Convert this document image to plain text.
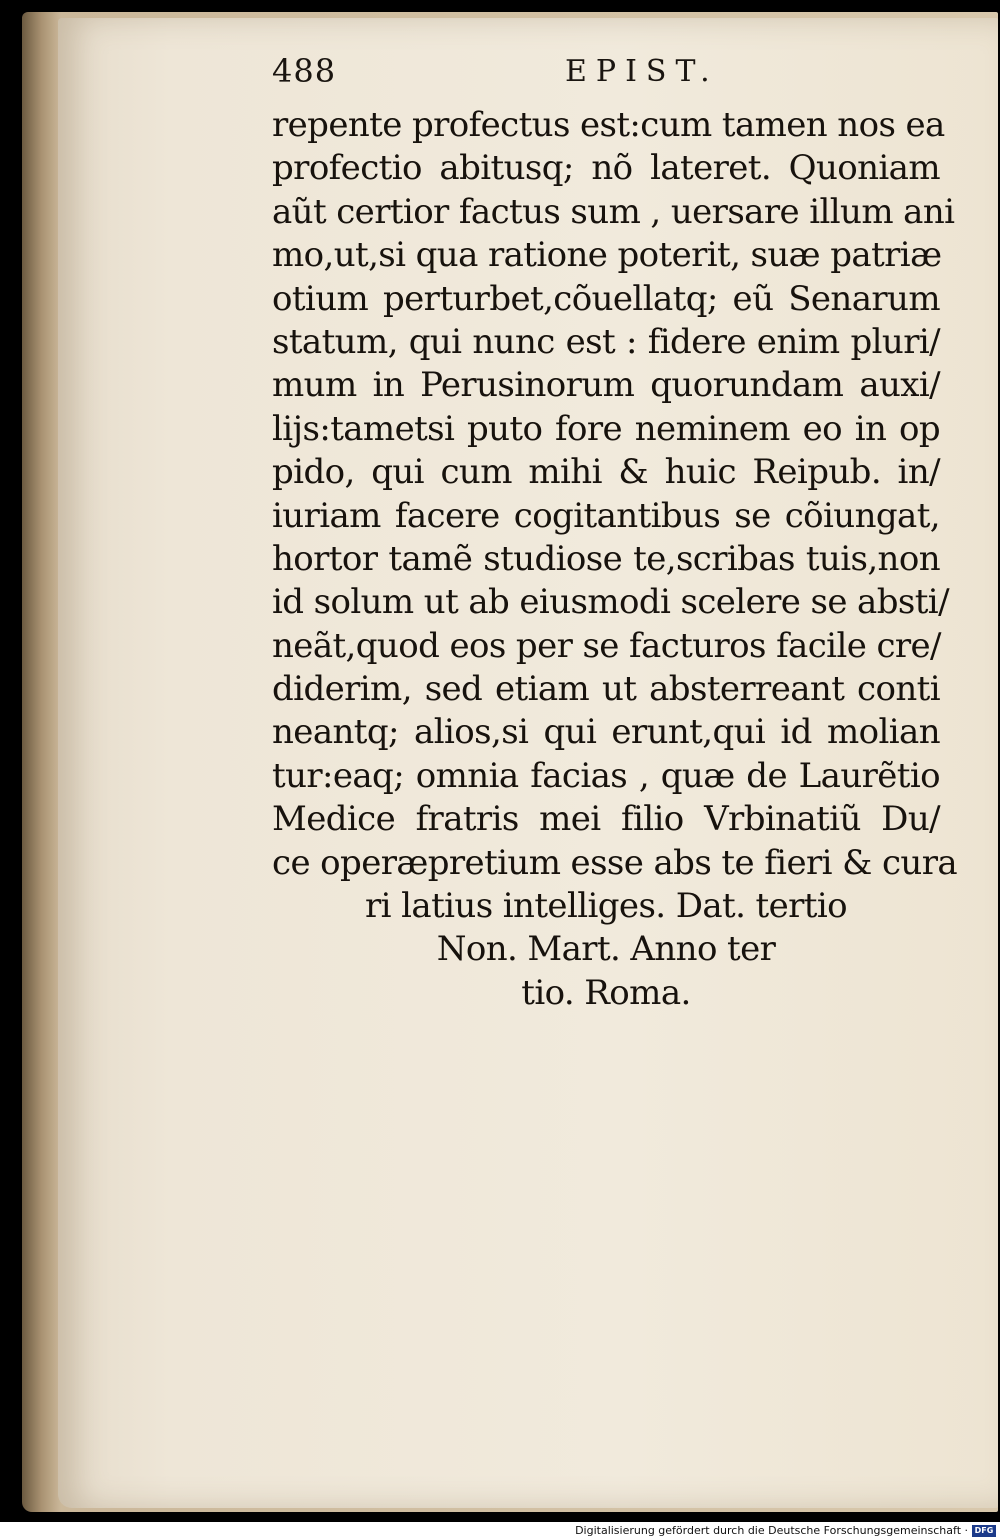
488	EPIST.
repente profectus est:cum tamen nos ea
profectio abitusq; nõ lateret. Quoniam
aũt certior factus sum , uersare illum ani
mo,ut,si qua ratione poterit, suæ patriæ
otium perturbet,cõuellatq; eũ Senarum
statum, qui nunc est : fidere enim pluri/
mum in Perusinorum quorundam auxi/
lijs:tametsi puto fore neminem eo in op
pido, qui cum mihi & huic Reipub. in/
iuriam facere cogitantibus se cõiungat,
hortor tamẽ studiose te,scribas tuis,non
id solum ut ab eiusmodi scelere se absti/
neãt,quod eos per se facturos facile cre/
diderim, sed etiam ut absterreant conti
neantq; alios,si qui erunt,qui id molian
tur:eaq; omnia facias , quæ de Laurẽtio
Medice fratris mei filio Vrbinatiũ Du/
ce operæpretium esse abs te fieri & cura
ri latius intelliges. Dat. tertio
Non. Mart. Anno ter
tio. Roma.
Digitalisierung gefördert durch die Deutsche Forschungsgemeinschaft · DFG
